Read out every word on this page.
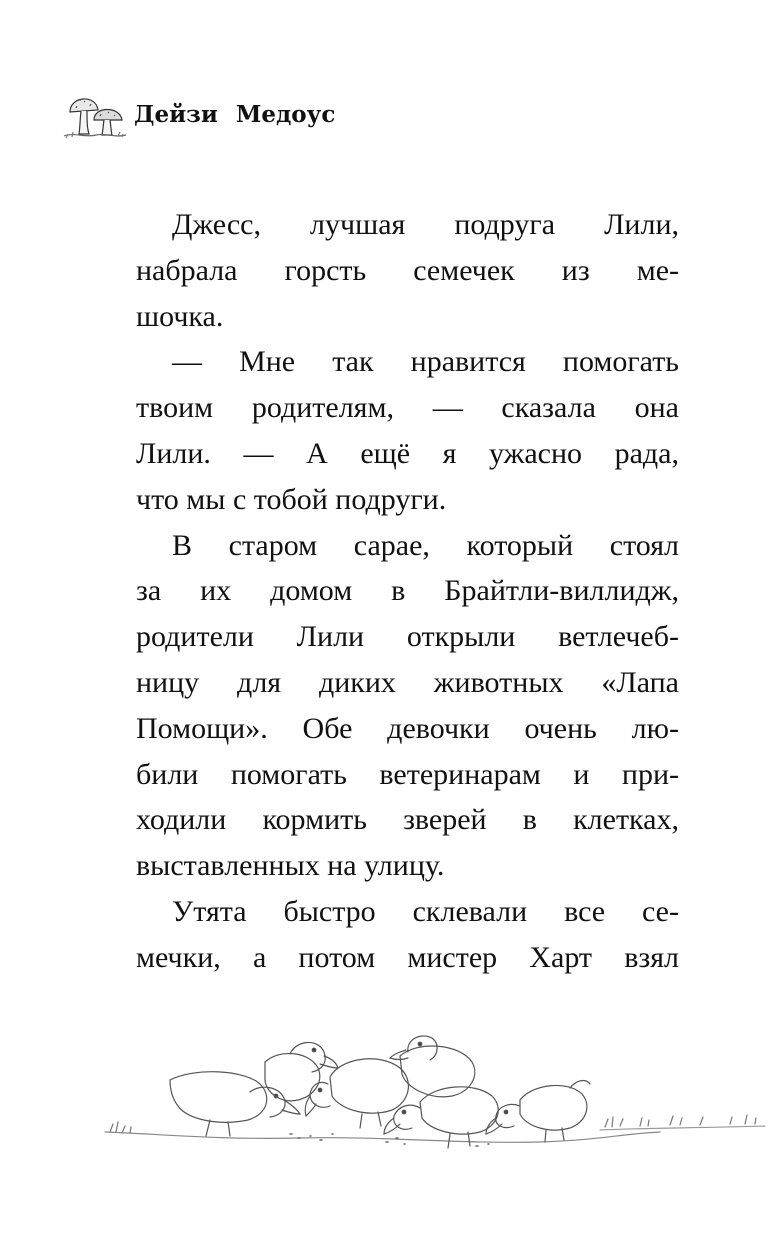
Дейзи Медоус
Джесс, лучшая подруга Лили,
набрала горсть семечек из ме-
шочка.
— Мне так нравится помогать
твоим родителям, — сказала она
Лили. — А ещё я ужасно рада,
что мы с тобой подруги.
В старом сарае, который стоял
за их домом в Брайтли-виллидж,
родители Лили открыли ветлечеб-
ницу для диких животных «Лапа
Помощи». Обе девочки очень лю-
били помогать ветеринарам и при-
ходили кормить зверей в клетках,
выставленных на улицу.
Утята быстро склевали все се-
мечки, а потом мистер Харт взял
